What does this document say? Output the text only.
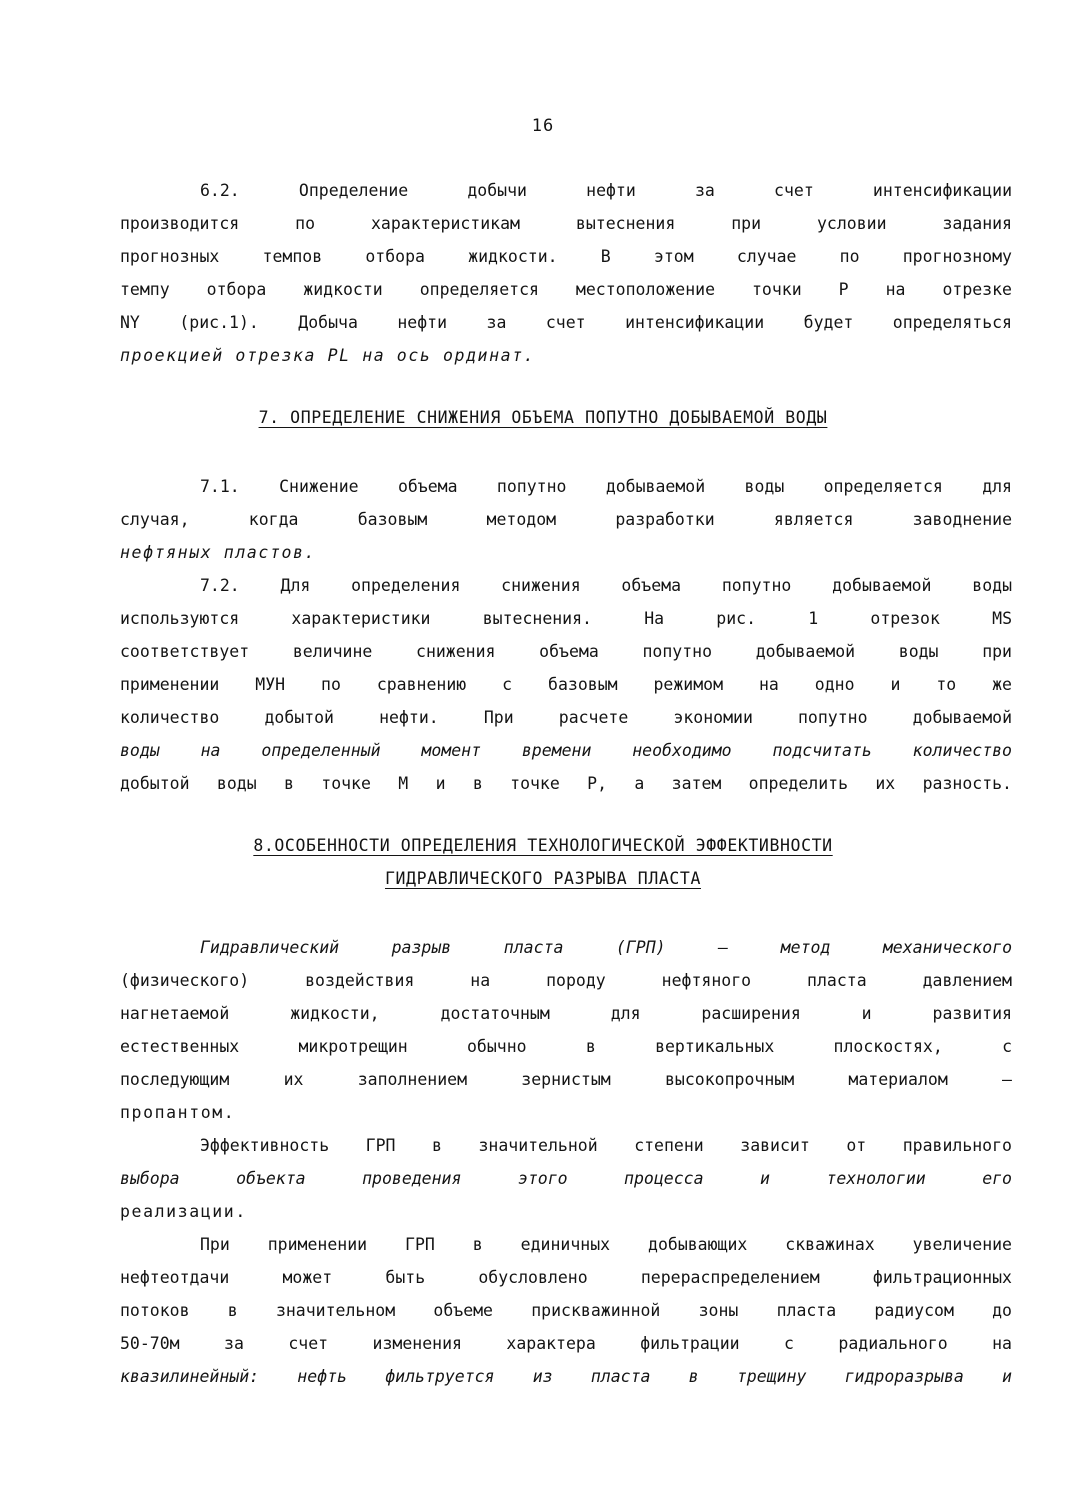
16
6.2. Определение добычи нефти за счет интенсификации
производится по характеристикам вытеснения при условии задания
прогнозных темпов отбора жидкости. В этом случае по прогнозному
темпу отбора жидкости определяется местоположение точки Р на отрезке
NY (рис.1). Добыча нефти за счет интенсификации будет определяться
проекцией отрезка PL на ось ординат.
7. ОПРЕДЕЛЕНИЕ СНИЖЕНИЯ ОБЪЕМА ПОПУТНО ДОБЫВАЕМОЙ ВОДЫ
7.1. Снижение объема попутно добываемой воды определяется для
случая, когда базовым методом разработки является заводнение
нефтяных пластов.
7.2. Для определения снижения объема попутно добываемой воды
используются характеристики вытеснения. На рис. 1 отрезок MS
соответствует величине снижения объема попутно добываемой воды при
применении МУН по сравнению с базовым режимом на одно и то же
количество добытой нефти. При расчете экономии попутно добываемой
воды на определенный момент времени необходимо подсчитать количество
добытой воды в точке М и в точке Р, а затем определить их разность.
8.ОСОБЕННОСТИ ОПРЕДЕЛЕНИЯ ТЕХНОЛОГИЧЕСКОЙ ЭФФЕКТИВНОСТИ
ГИДРАВЛИЧЕСКОГО РАЗРЫВА ПЛАСТА
Гидравлический разрыв пласта (ГРП) – метод механического
(физического) воздействия на породу нефтяного пласта давлением
нагнетаемой жидкости, достаточным для расширения и развития
естественных микротрещин обычно в вертикальных плоскостях, с
последующим их заполнением зернистым высокопрочным материалом –
пропантом.
Эффективность ГРП в значительной степени зависит от правильного
выбора объекта проведения этого процесса и технологии его
реализации.
При применении ГРП в единичных добывающих скважинах увеличение
нефтеотдачи может быть обусловлено перераспределением фильтрационных
потоков в значительном объеме прискважинной зоны пласта радиусом до
50-70м за счет изменения характера фильтрации с радиального на
квазилинейный: нефть фильтруется из пласта в трещину гидроразрыва и
